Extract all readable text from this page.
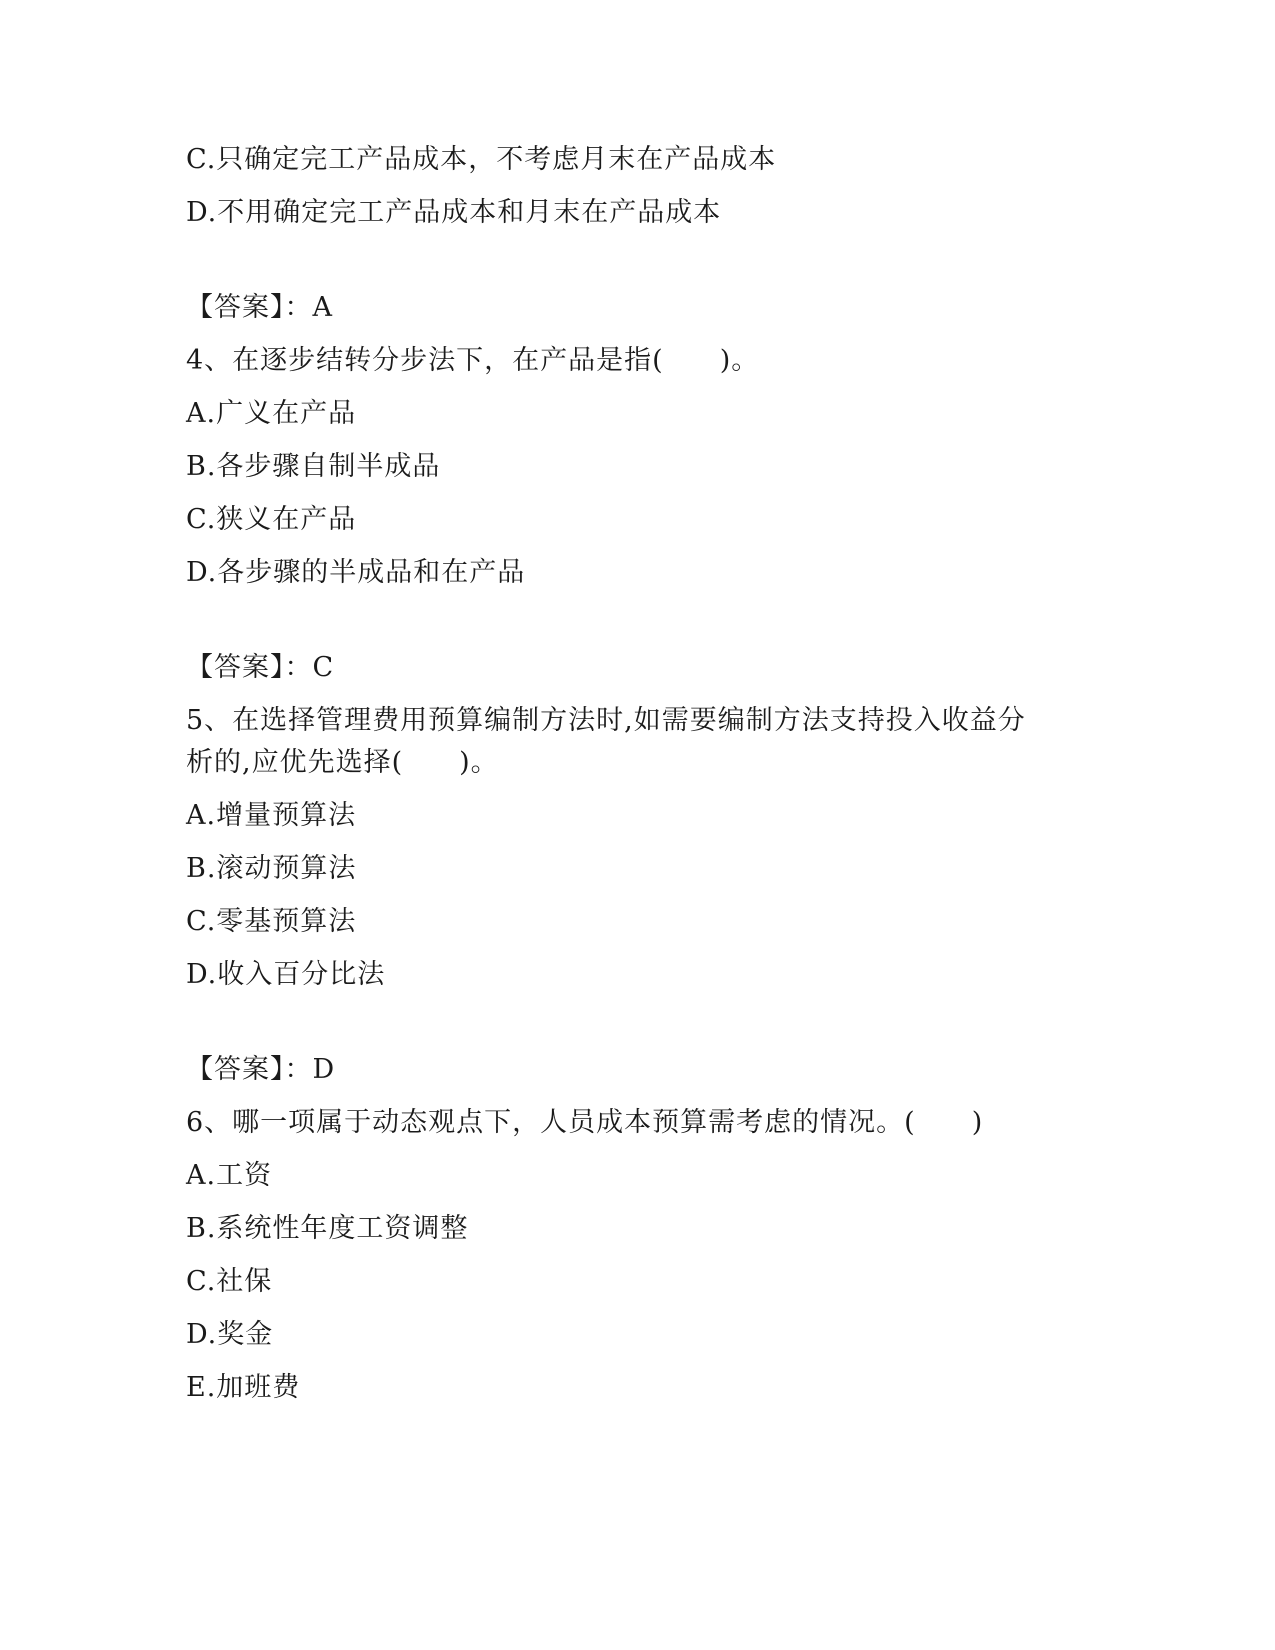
C.只确定完工产品成本，不考虑月末在产品成本
D.不用确定完工产品成本和月末在产品成本
【答案】：A
4、在逐步结转分步法下，在产品是指(　　)。
A.广义在产品
B.各步骤自制半成品
C.狭义在产品
D.各步骤的半成品和在产品
【答案】：C
5、在选择管理费用预算编制方法时,如需要编制方法支持投入收益分
析的,应优先选择(　　)。
A.增量预算法
B.滚动预算法
C.零基预算法
D.收入百分比法
【答案】：D
6、哪一项属于动态观点下，人员成本预算需考虑的情况。(　　)
A.工资
B.系统性年度工资调整
C.社保
D.奖金
E.加班费
